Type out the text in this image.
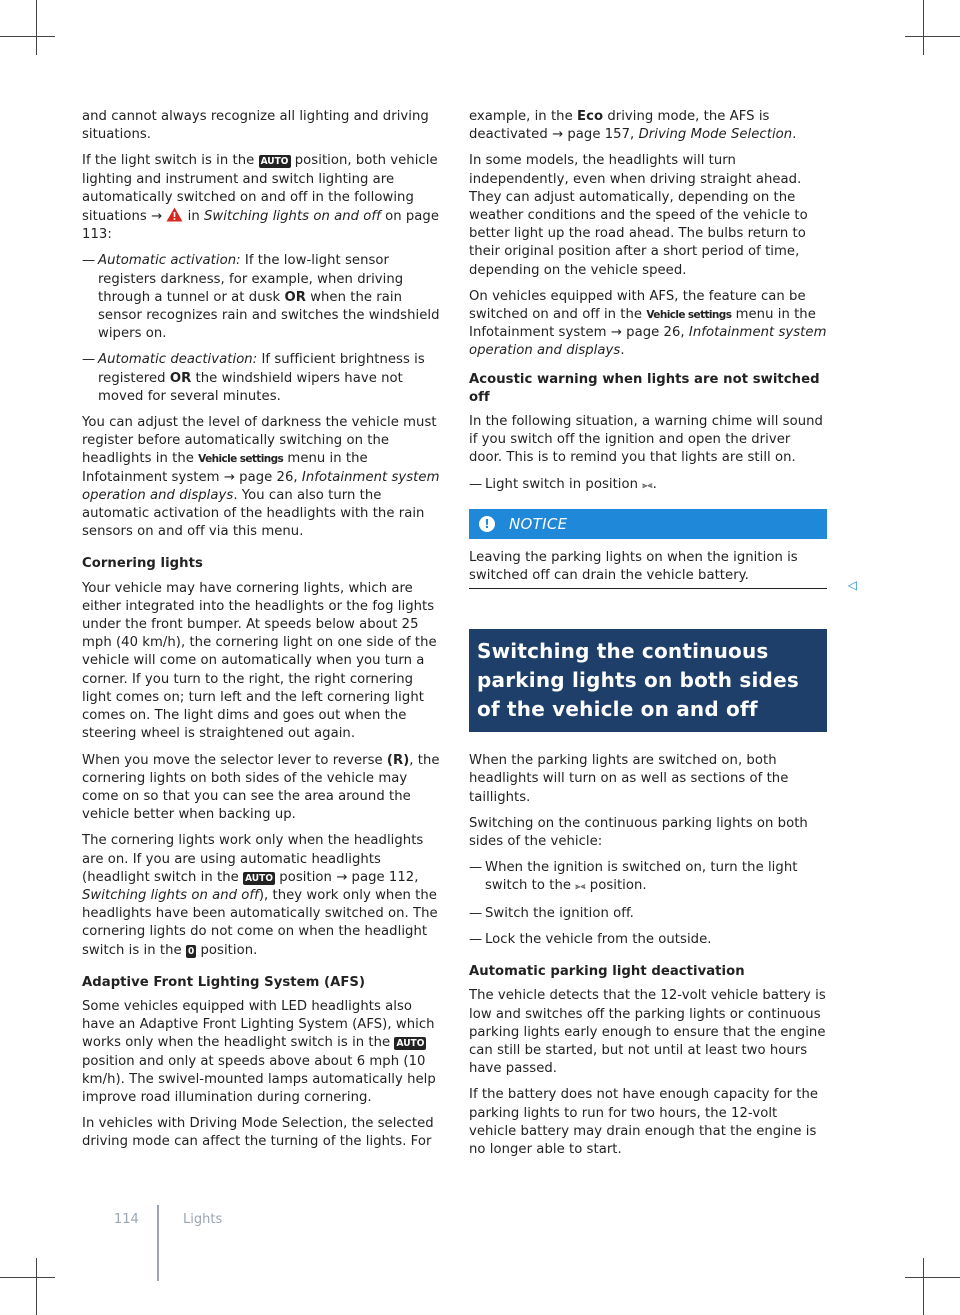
and cannot always recognize all lighting and driving situations.

If the light switch is in the AUTO position, both vehicle lighting and instrument and switch lighting are automatically switched on and off in the following situations → in Switching lights on and off on page 113:

— Automatic activation: If the low-light sensor registers darkness, for example, when driving through a tunnel or at dusk OR when the rain sensor recognizes rain and switches the windshield wipers on.
— Automatic deactivation: If sufficient brightness is registered OR the windshield wipers have not moved for several minutes.

You can adjust the level of darkness the vehicle must register before automatically switching on the headlights in the Vehicle settings menu in the Infotainment system → page 26, Infotainment system operation and displays. You can also turn the automatic activation of the headlights with the rain sensors on and off via this menu.

Cornering lights

Your vehicle may have cornering lights, which are either integrated into the headlights or the fog lights under the front bumper. At speeds below about 25 mph (40 km/h), the cornering light on one side of the vehicle will come on automatically when you turn a corner. If you turn to the right, the right cornering light comes on; turn left and the left cornering light comes on. The light dims and goes out when the steering wheel is straightened out again.

When you move the selector lever to reverse (R), the cornering lights on both sides of the vehicle may come on so that you can see the area around the vehicle better when backing up.

The cornering lights work only when the headlights are on. If you are using automatic headlights (headlight switch in the AUTO position → page 112, Switching lights on and off), they work only when the headlights have been automatically switched on. The cornering lights do not come on when the headlight switch is in the 0 position.

Adaptive Front Lighting System (AFS)

Some vehicles equipped with LED headlights also have an Adaptive Front Lighting System (AFS), which works only when the headlight switch is in the AUTO position and only at speeds above about 6 mph (10 km/h). The swivel-mounted lamps automatically help improve road illumination during cornering.

In vehicles with Driving Mode Selection, the selected driving mode can affect the turning of the lights. For

example, in the Eco driving mode, the AFS is deactivated → page 157, Driving Mode Selection.

In some models, the headlights will turn independently, even when driving straight ahead. They can adjust automatically, depending on the weather conditions and the speed of the vehicle to better light up the road ahead. The bulbs return to their original position after a short period of time, depending on the vehicle speed.

On vehicles equipped with AFS, the feature can be switched on and off in the Vehicle settings menu in the Infotainment system → page 26, Infotainment system operation and displays.

Acoustic warning when lights are not switched off

In the following situation, a warning chime will sound if you switch off the ignition and open the driver door. This is to remind you that lights are still on.

— Light switch in position ⫸⫷.
!	NOTICE
Leaving the parking lights on when the ignition is switched off can drain the vehicle battery.
◁
Switching the continuous parking lights on both sides of the vehicle on and off

When the parking lights are switched on, both headlights will turn on as well as sections of the taillights.

Switching on the continuous parking lights on both sides of the vehicle:

— When the ignition is switched on, turn the light switch to the ⫸⫷ position.
— Switch the ignition off.
— Lock the vehicle from the outside.
Automatic parking light deactivation

The vehicle detects that the 12-volt vehicle battery is low and switches off the parking lights or continuous parking lights early enough to ensure that the engine can still be started, but not until at least two hours have passed.

If the battery does not have enough capacity for the parking lights to run for two hours, the 12-volt vehicle battery may drain enough that the engine is no longer able to start.

114	Lights
